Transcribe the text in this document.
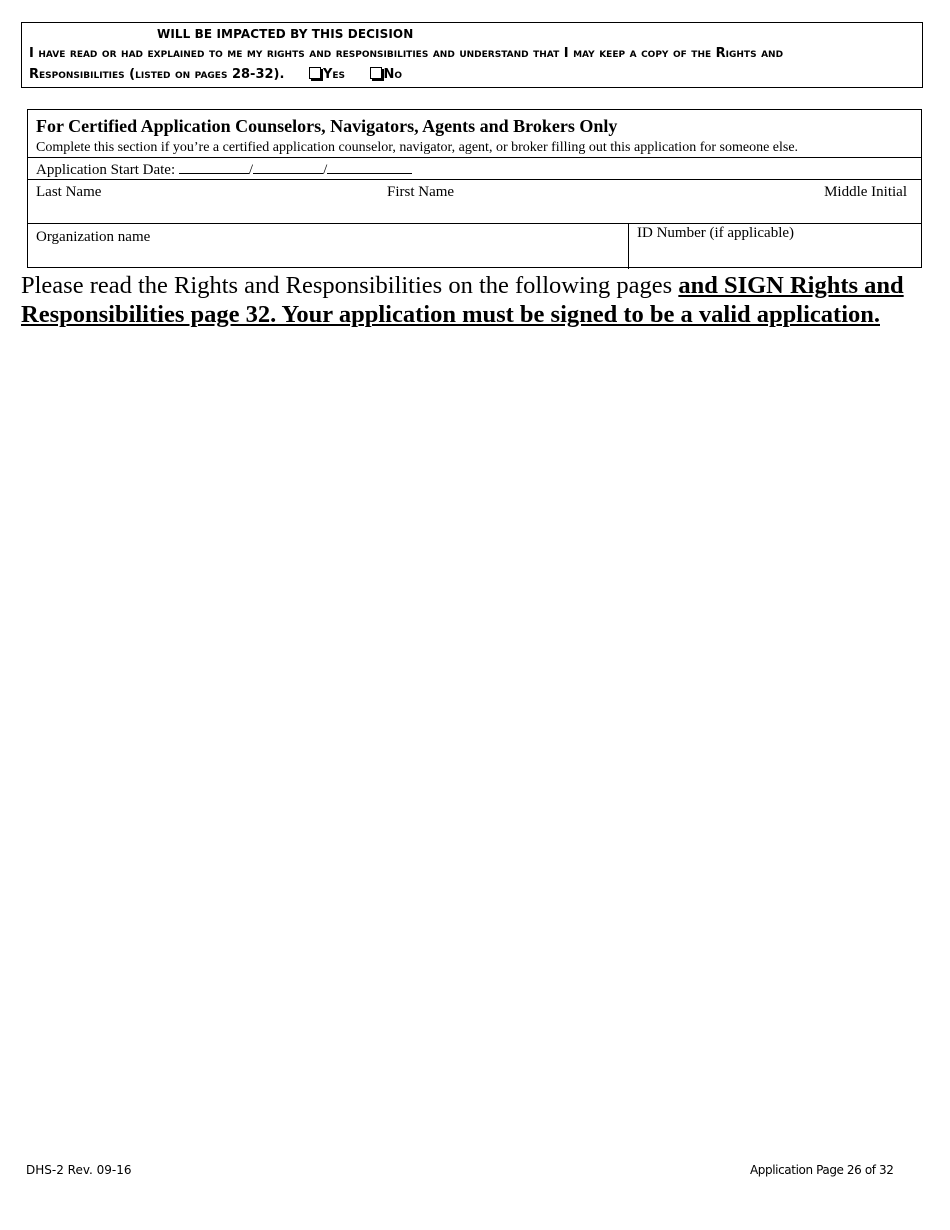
WILL BE IMPACTED BY THIS DECISION
I have read or had explained to me my rights and responsibilities and understand that I may keep a copy of the Rights and
Responsibilities (listed on pages 28-32).	Yes	No
For Certified Application Counselors, Navigators, Agents and Brokers Only
Complete this section if you’re a certified application counselor, navigator, agent, or broker filling out this application for someone else.
Application Start Date:	/	/
Last Name	First Name	Middle Initial
Organization name	ID Number (if applicable)
Please read the Rights and Responsibilities on the following pages and SIGN Rights and Responsibilities page 32. Your application must be signed to be a valid application.
DHS-2 Rev. 09-16	Application Page 26 of 32
